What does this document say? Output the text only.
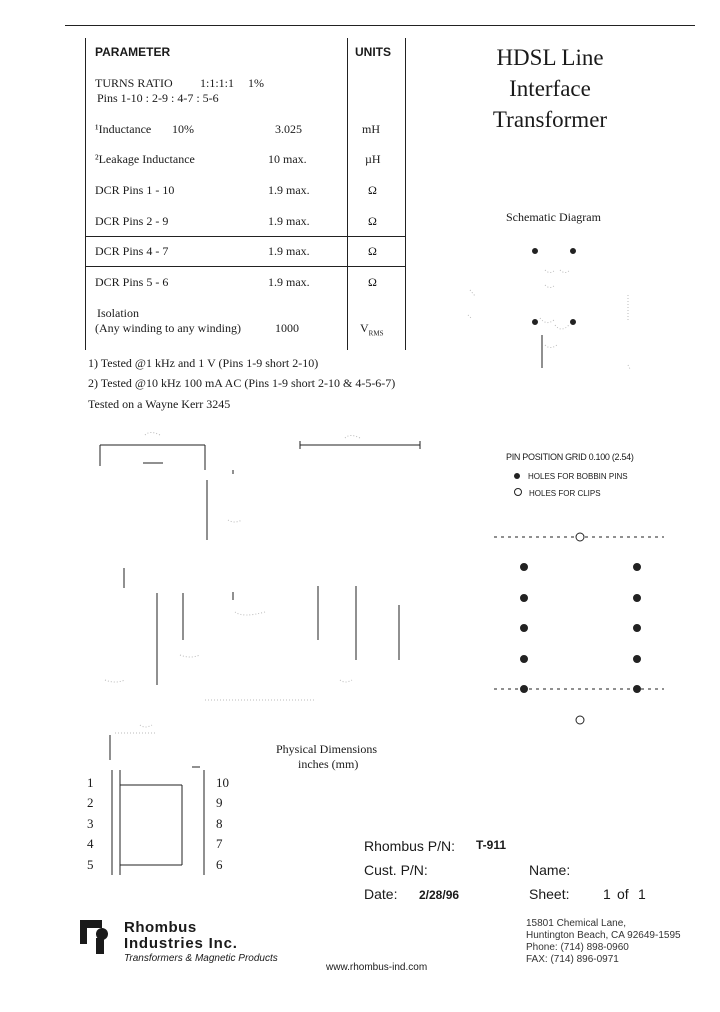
PARAMETER	UNITS
TURNS RATIO 1:1:1:1 1%
Pins 1-10 : 2-9 : 4-7 : 5-6
¹Inductance 10%	3.025	mH
²Leakage Inductance	10 max.	µH
DCR Pins 1 - 10	1.9 max.	Ω
DCR Pins 2 - 9	1.9 max.	Ω
DCR Pins 4 - 7	1.9 max.	Ω
DCR Pins 5 - 6	1.9 max.	Ω
Isolation
(Any winding to any winding)	1000	$V_{RMS}$
1) Tested @1 kHz and 1 V (Pins 1-9 short 2-10)
2) Tested @10 kHz 100 mA AC (Pins 1-9 short 2-10 & 4-5-6-7)
Tested on a Wayne Kerr 3245
HDSL Line
Interface
Transformer
Schematic Diagram
PIN POSITION GRID 0.100 (2.54)
HOLES FOR BOBBIN PINS
HOLES FOR CLIPS
Physical Dimensions
inches (mm)
1
2
3
4
5
10
9
8
7
6
Rhombus P/N: T-911
Cust. P/N:	Name:
Date: 2/28/96	Sheet: 1 of 1
Rhombus
Industries Inc.
Transformers & Magnetic Products
www.rhombus-ind.com
15801 Chemical Lane,
Huntington Beach, CA 92649-1595
Phone: (714) 898-0960
FAX: (714) 896-0971
